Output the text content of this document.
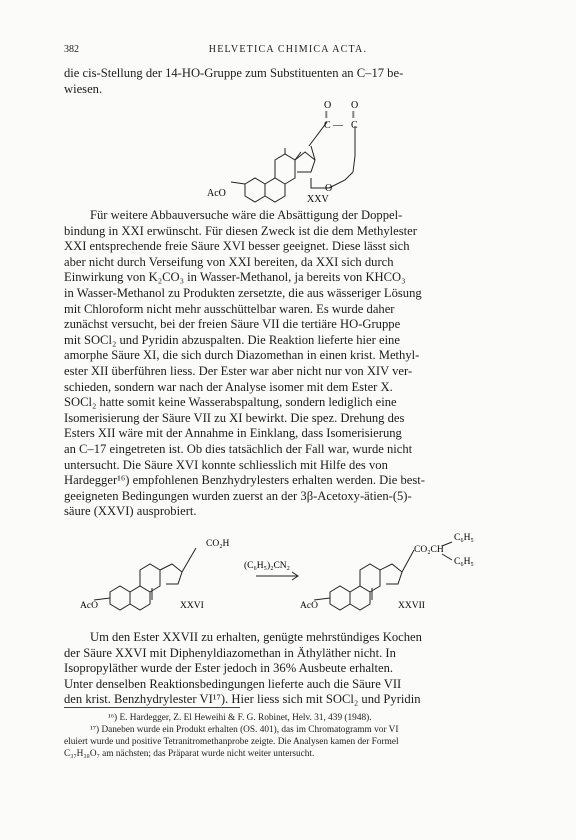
382	HELVETICA CHIMICA ACTA.
die cis-Stellung der 14-HO-Gruppe zum Substituenten an C–17 be-
wiesen.
O O
‖ ‖
C — C
O
AcO
XXV
Für weitere Abbauversuche wäre die Absättigung der Doppel-
bindung in XXI erwünscht. Für diesen Zweck ist die dem Methylester
XXI entsprechende freie Säure XVI besser geeignet. Diese lässt sich
aber nicht durch Verseifung von XXI bereiten, da XXI sich durch
Einwirkung von K₂CO₃ in Wasser-Methanol, ja bereits von KHCO₃
in Wasser-Methanol zu Produkten zersetzte, die aus wässeriger Lösung
mit Chloroform nicht mehr ausschüttelbar waren. Es wurde daher
zunächst versucht, bei der freien Säure VII die tertiäre HO-Gruppe
mit SOCl₂ und Pyridin abzuspalten. Die Reaktion lieferte hier eine
amorphe Säure XI, die sich durch Diazomethan in einen krist. Methyl-
ester XII überführen liess. Der Ester war aber nicht nur von XIV ver-
schieden, sondern war nach der Analyse isomer mit dem Ester X.
SOCl₂ hatte somit keine Wasserabspaltung, sondern lediglich eine
Isomerisierung der Säure VII zu XI bewirkt. Die spez. Drehung des
Esters XII wäre mit der Annahme in Einklang, dass Isomerisierung
an C–17 eingetreten ist. Ob dies tatsächlich der Fall war, wurde nicht
untersucht. Die Säure XVI konnte schliesslich mit Hilfe des von
Hardegger¹⁶) empfohlenen Benzhydrylesters erhalten werden. Die best-
geeigneten Bedingungen wurden zuerst an der 3β-Acetoxy-ätien-(5)-
säure (XXVI) ausprobiert.
CO₂H
AcO	XXVI
(C₆H₅)₂CN₂
C₆H₅
CO₂CH
C₆H₅
AcO	XXVII
Um den Ester XXVII zu erhalten, genügte mehrstündiges Kochen
der Säure XXVI mit Diphenyldiazomethan in Äthyläther nicht. In
Isopropyläther wurde der Ester jedoch in 36% Ausbeute erhalten.
Unter denselben Reaktionsbedingungen lieferte auch die Säure VII
den krist. Benzhydrylester VI¹⁷). Hier liess sich mit SOCl₂ und Pyridin
¹⁶) E. Hardegger, Z. El Heweihi & F. G. Robinet, Helv. 31, 439 (1948).
¹⁷) Daneben wurde ein Produkt erhalten (OS. 401), das im Chromatogramm vor VI
eluiert wurde und positive Tetranitromethanprobe zeigte. Die Analysen kamen der Formel
C₃₇H₃₈O₇ am nächsten; das Präparat wurde nicht weiter untersucht.
